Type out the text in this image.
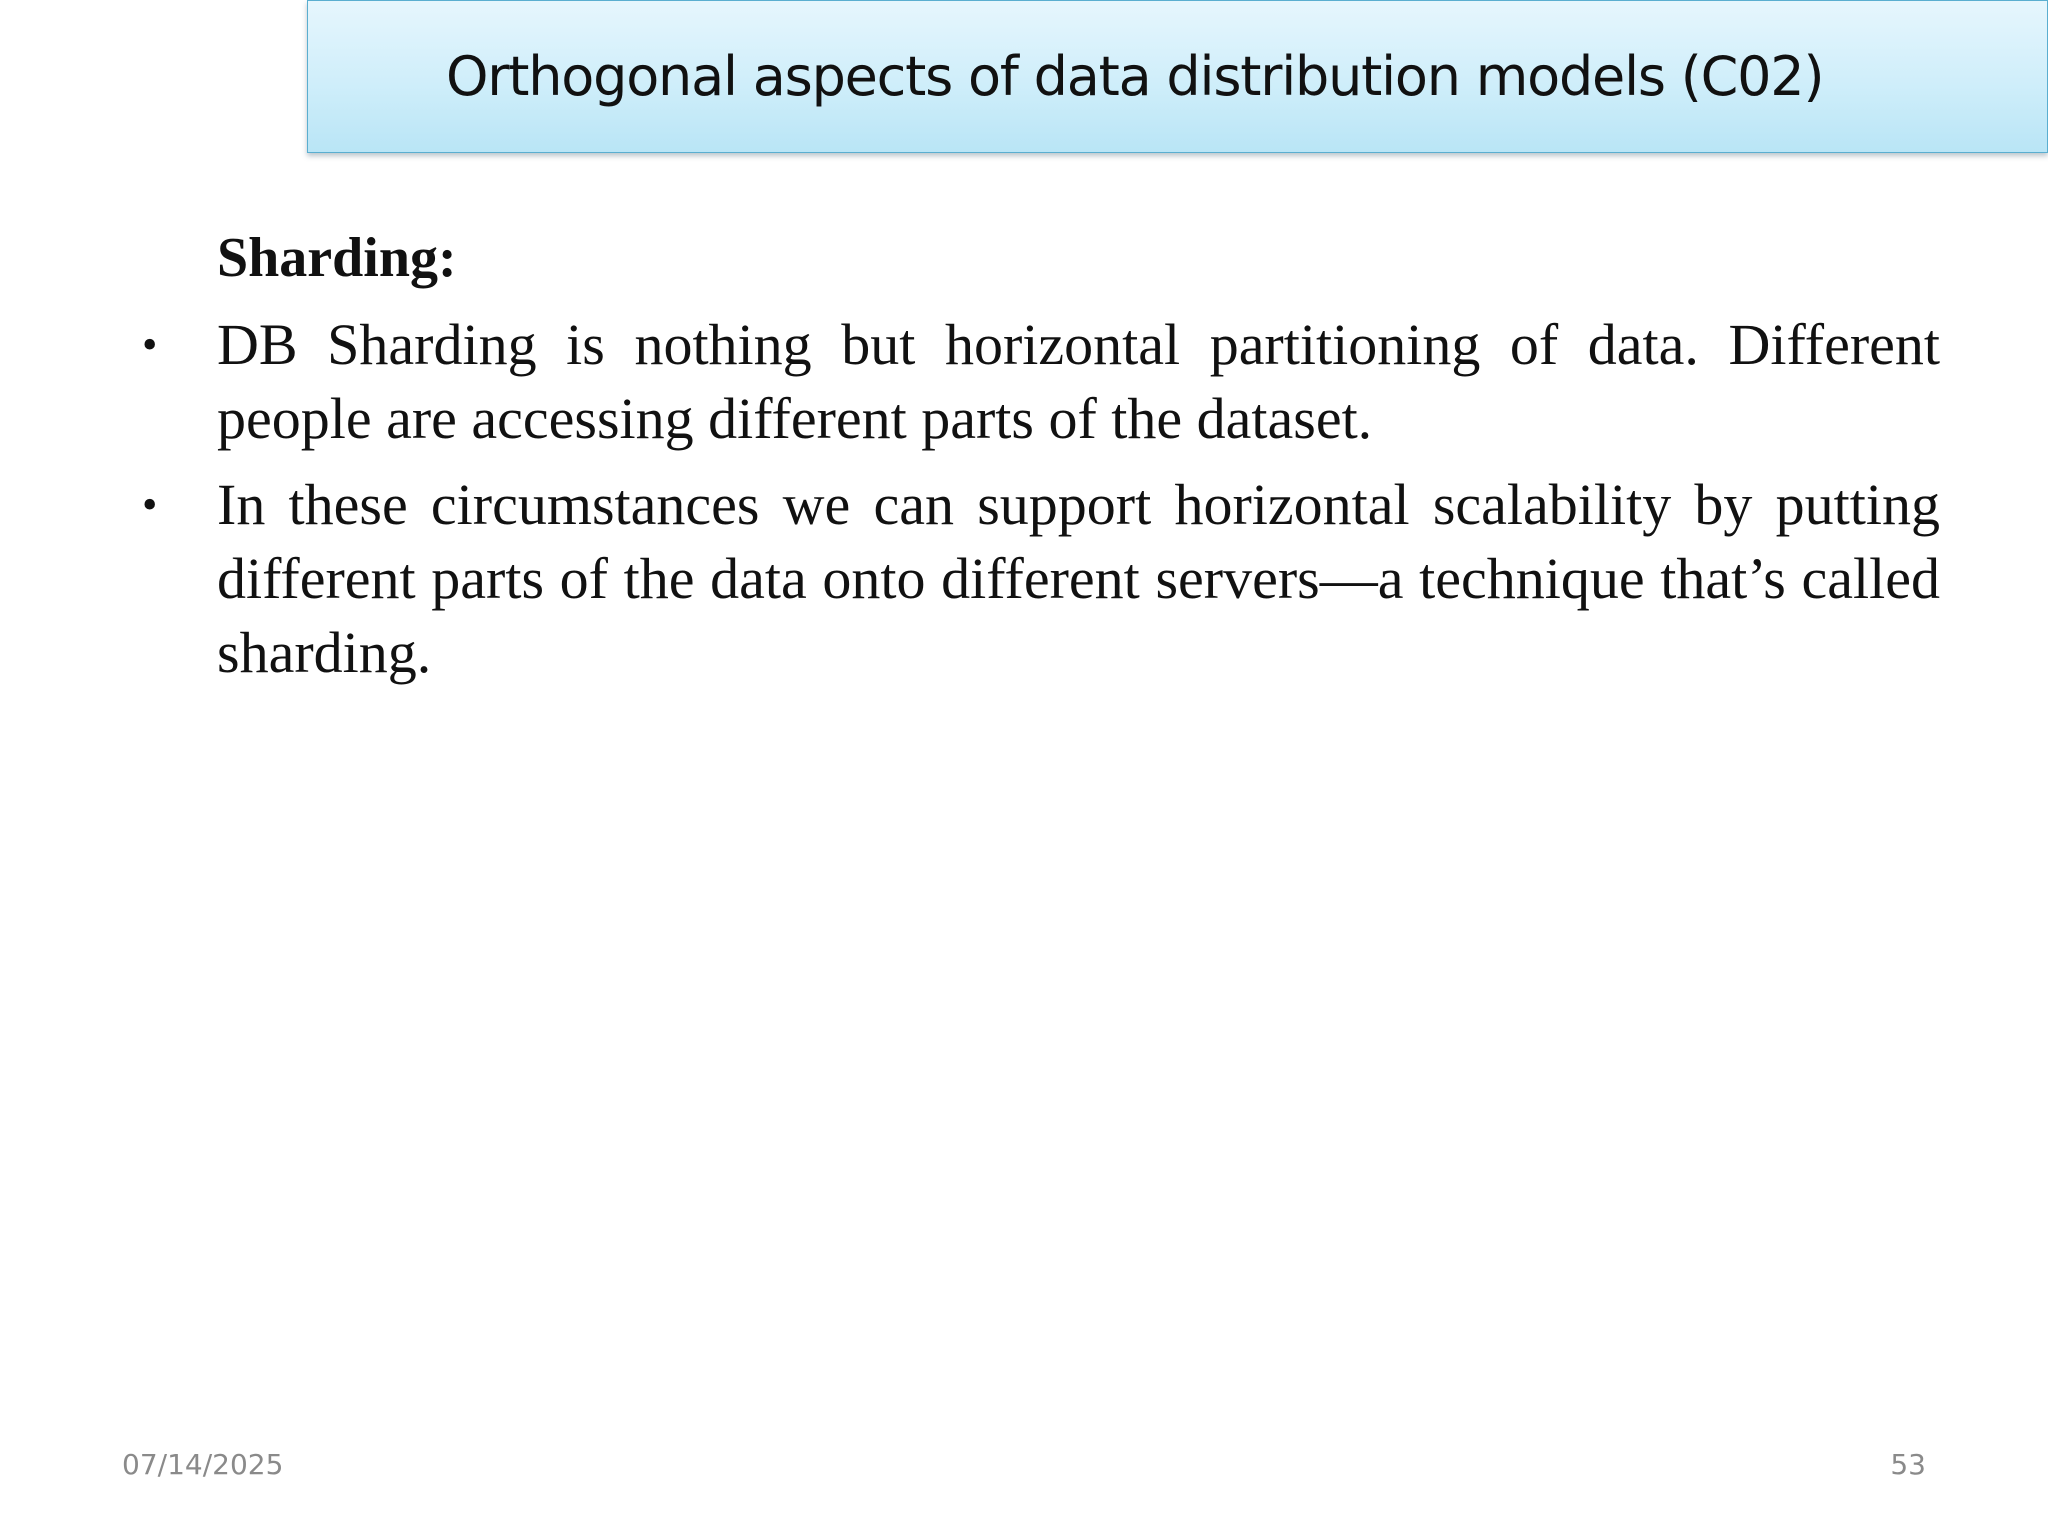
Orthogonal aspects of data distribution models (C02)

Sharding:

•	DB Sharding is nothing but horizontal partitioning of data. Different people are accessing different parts of the dataset.

•	In these circumstances we can support horizontal scalability by putting different parts of the data onto different servers—a technique that’s called sharding.

07/14/2025	53
